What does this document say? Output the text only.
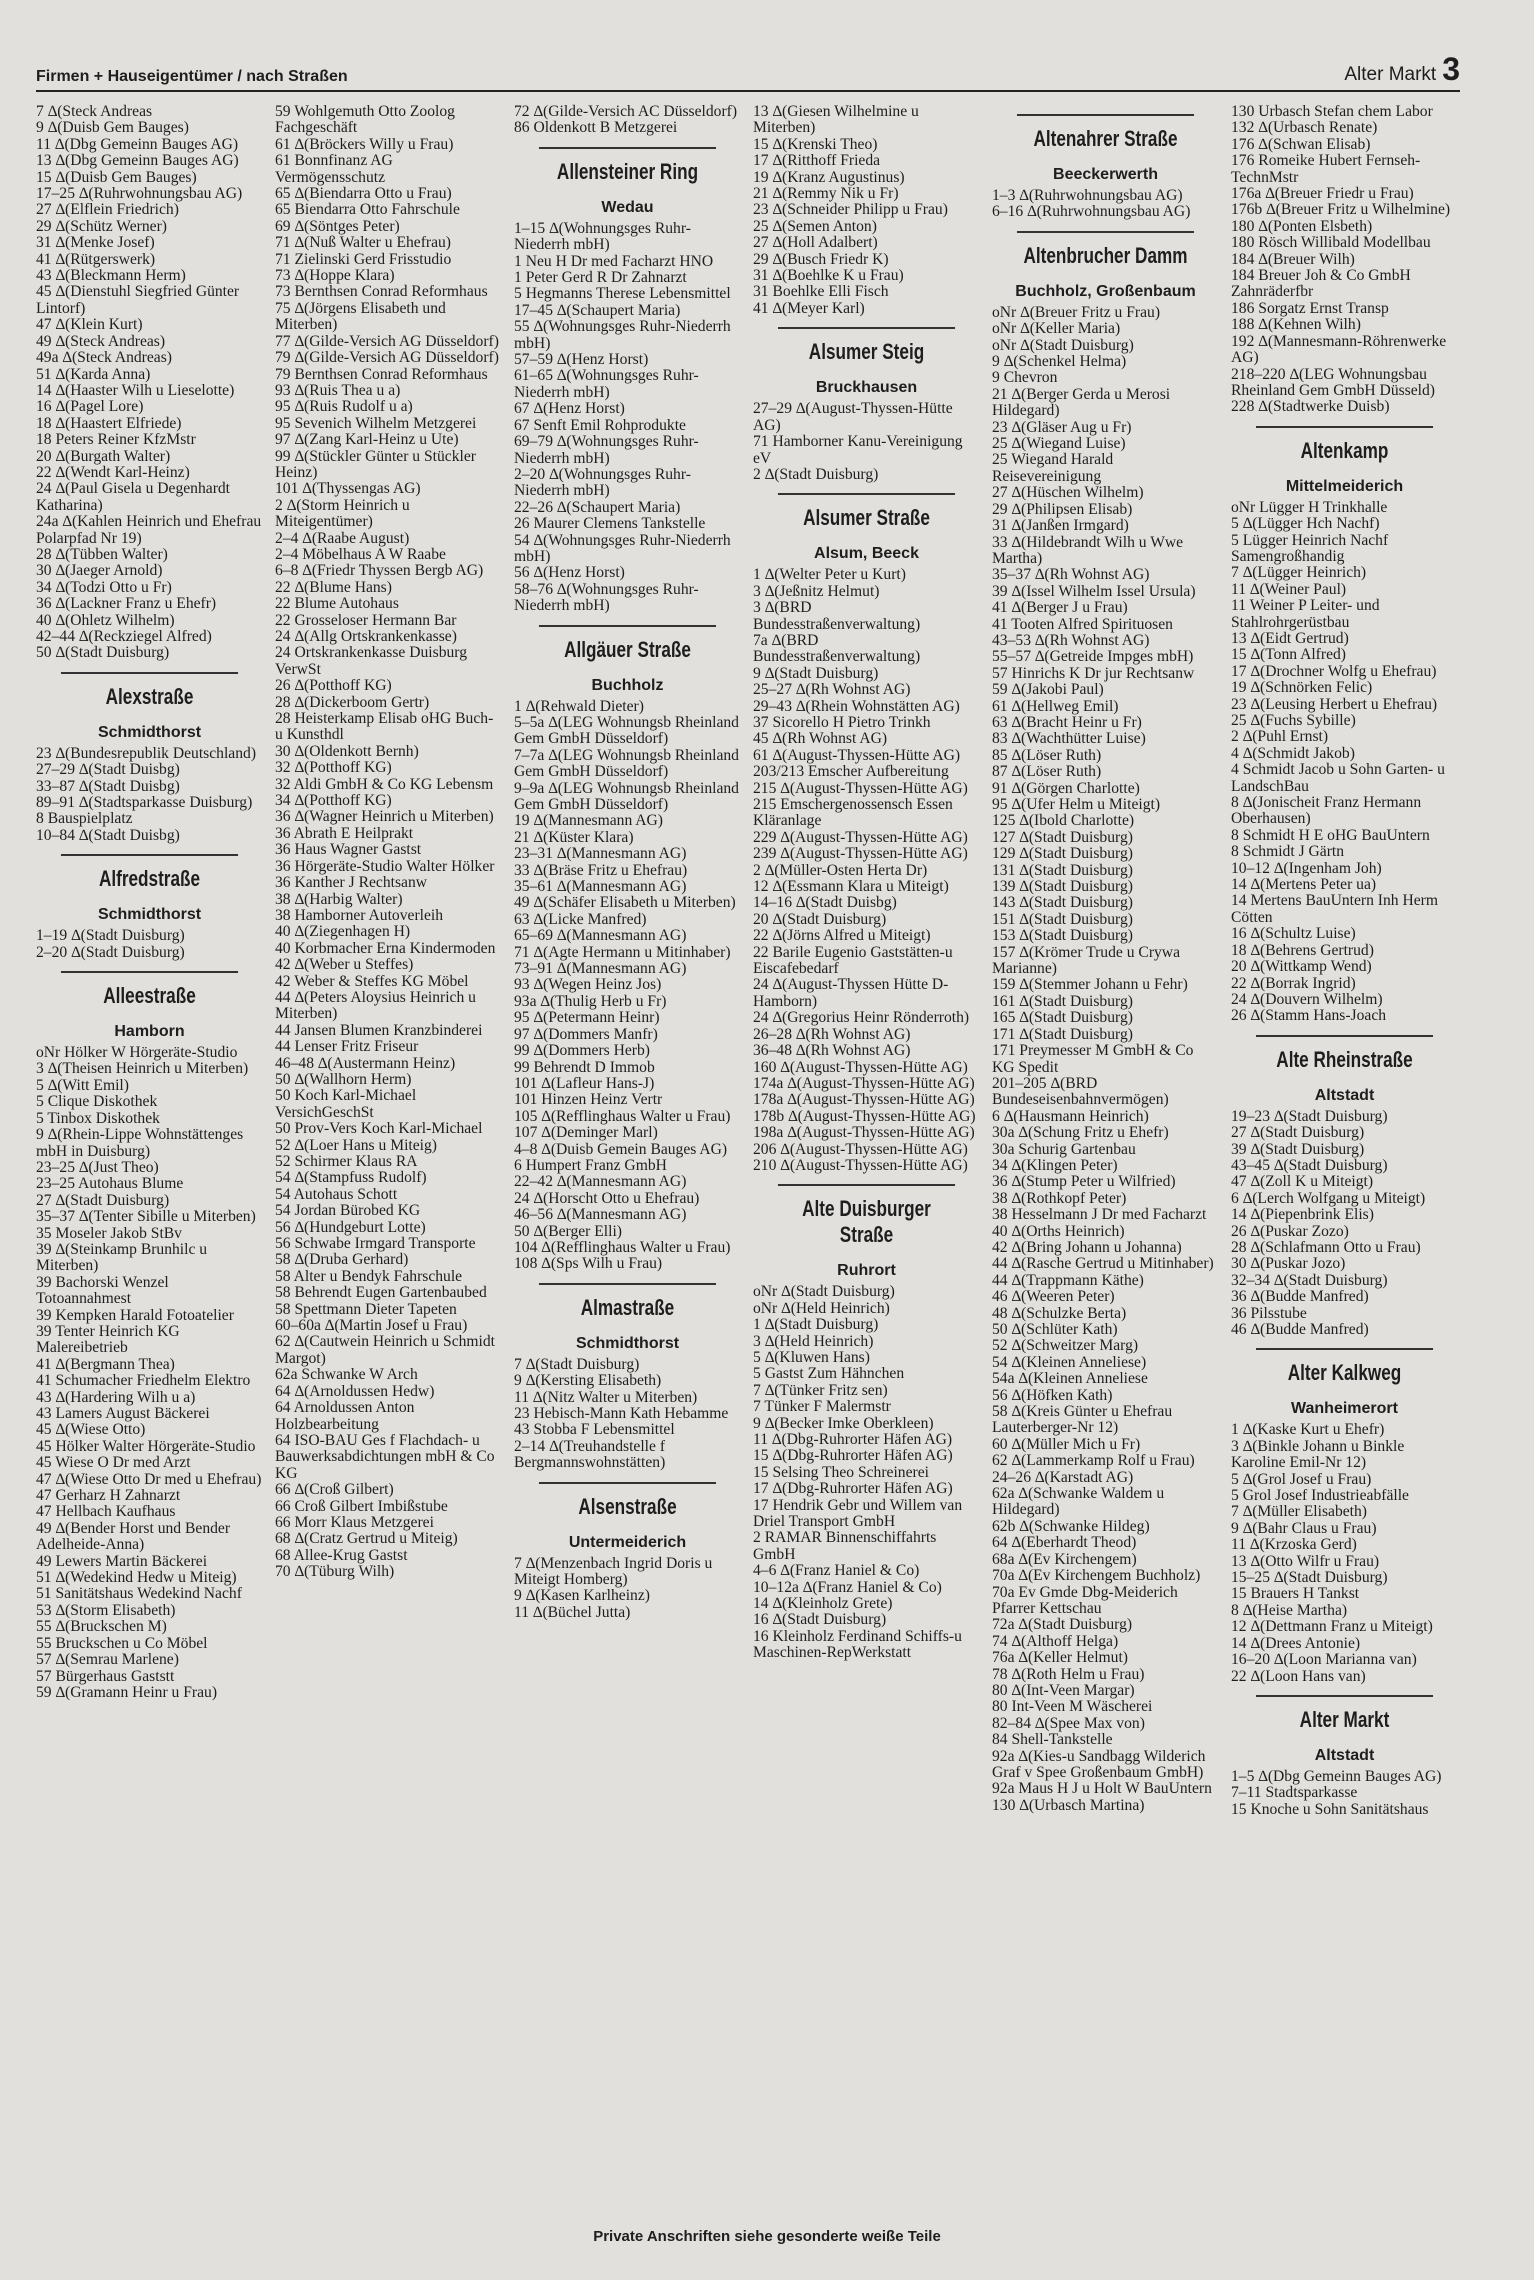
Firmen + Hauseigentümer / nach Straßen	Alter Markt 3
7 ∆(Steck Andreas
9 ∆(Duisb Gem Bauges)
11 ∆(Dbg Gemeinn Bauges AG)
13 ∆(Dbg Gemeinn Bauges AG)
15 ∆(Duisb Gem Bauges)
17–25 ∆(Ruhrwohnungsbau AG)
27 ∆(Elflein Friedrich)
29 ∆(Schütz Werner)
31 ∆(Menke Josef)
41 ∆(Rütgerswerk)
43 ∆(Bleckmann Herm)
45 ∆(Dienstuhl Siegfried Günter Lintorf)
47 ∆(Klein Kurt)
49 ∆(Steck Andreas)
49a ∆(Steck Andreas)
51 ∆(Karda Anna)
14 ∆(Haaster Wilh u Lieselotte)
16 ∆(Pagel Lore)
18 ∆(Haastert Elfriede)
18 Peters Reiner KfzMstr
20 ∆(Burgath Walter)
22 ∆(Wendt Karl-Heinz)
24 ∆(Paul Gisela u Degenhardt Katharina)
24a ∆(Kahlen Heinrich und Ehefrau Polarpfad Nr 19)
28 ∆(Tübben Walter)
30 ∆(Jaeger Arnold)
34 ∆(Todzi Otto u Fr)
36 ∆(Lackner Franz u Ehefr)
40 ∆(Ohletz Wilhelm)
42–44 ∆(Reckziegel Alfred)
50 ∆(Stadt Duisburg)
Alexstraße
Schmidthorst
23 ∆(Bundesrepublik Deutschland)
27–29 ∆(Stadt Duisbg)
33–87 ∆(Stadt Duisbg)
89–91 ∆(Stadtsparkasse Duisburg)
8 Bauspielplatz
10–84 ∆(Stadt Duisbg)
Alfredstraße
Schmidthorst
1–19 ∆(Stadt Duisburg)
2–20 ∆(Stadt Duisburg)
Alleestraße
Hamborn
oNr Hölker W Hörgeräte-Studio
3 ∆(Theisen Heinrich u Miterben)
5 ∆(Witt Emil)
5 Clique Diskothek
5 Tinbox Diskothek
9 ∆(Rhein-Lippe Wohnstättenges mbH in Duisburg)
23–25 ∆(Just Theo)
23–25 Autohaus Blume
27 ∆(Stadt Duisburg)
35–37 ∆(Tenter Sibille u Miterben)
35 Moseler Jakob StBv
39 ∆(Steinkamp Brunhilc u Miterben)
39 Bachorski Wenzel Totoannahmest
39 Kempken Harald Fotoatelier
39 Tenter Heinrich KG Malereibetrieb
41 ∆(Bergmann Thea)
41 Schumacher Friedhelm Elektro
43 ∆(Hardering Wilh u a)
43 Lamers August Bäckerei
45 ∆(Wiese Otto)
45 Hölker Walter Hörgeräte-Studio
45 Wiese O Dr med Arzt
47 ∆(Wiese Otto Dr med u Ehefrau)
47 Gerharz H Zahnarzt
47 Hellbach Kaufhaus
49 ∆(Bender Horst und Bender Adelheide-Anna)
49 Lewers Martin Bäckerei
51 ∆(Wedekind Hedw u Miteig)
51 Sanitätshaus Wedekind Nachf
53 ∆(Storm Elisabeth)
55 ∆(Bruckschen M)
55 Bruckschen u Co Möbel
57 ∆(Semrau Marlene)
57 Bürgerhaus Gaststt
59 ∆(Gramann Heinr u Frau)
59 Wohlgemuth Otto Zoolog Fachgeschäft
61 ∆(Bröckers Willy u Frau)
61 Bonnfinanz AG Vermögensschutz
65 ∆(Biendarra Otto u Frau)
65 Biendarra Otto Fahrschule
69 ∆(Söntges Peter)
71 ∆(Nuß Walter u Ehefrau)
71 Zielinski Gerd Frisstudio
73 ∆(Hoppe Klara)
73 Bernthsen Conrad Reformhaus
75 ∆(Jörgens Elisabeth und Miterben)
77 ∆(Gilde-Versich AG Düsseldorf)
79 ∆(Gilde-Versich AG Düsseldorf)
79 Bernthsen Conrad Reformhaus
93 ∆(Ruis Thea u a)
95 ∆(Ruis Rudolf u a)
95 Sevenich Wilhelm Metzgerei
97 ∆(Zang Karl-Heinz u Ute)
99 ∆(Stückler Günter u Stückler Heinz)
101 ∆(Thyssengas AG)
2 ∆(Storm Heinrich u Miteigentümer)
2–4 ∆(Raabe August)
2–4 Möbelhaus A W Raabe
6–8 ∆(Friedr Thyssen Bergb AG)
22 ∆(Blume Hans)
22 Blume Autohaus
22 Grosseloser Hermann Bar
24 ∆(Allg Ortskrankenkasse)
24 Ortskrankenkasse Duisburg VerwSt
26 ∆(Potthoff KG)
28 ∆(Dickerboom Gertr)
28 Heisterkamp Elisab oHG Buch- u Kunsthdl
30 ∆(Oldenkott Bernh)
32 ∆(Potthoff KG)
32 Aldi GmbH & Co KG Lebensm
34 ∆(Potthoff KG)
36 ∆(Wagner Heinrich u Miterben)
36 Abrath E Heilprakt
36 Haus Wagner Gastst
36 Hörgeräte-Studio Walter Hölker
36 Kanther J Rechtsanw
38 ∆(Harbig Walter)
38 Hamborner Autoverleih
40 ∆(Ziegenhagen H)
40 Korbmacher Erna Kindermoden
42 ∆(Weber u Steffes)
42 Weber & Steffes KG Möbel
44 ∆(Peters Aloysius Heinrich u Miterben)
44 Jansen Blumen Kranzbinderei
44 Lenser Fritz Friseur
46–48 ∆(Austermann Heinz)
50 ∆(Wallhorn Herm)
50 Koch Karl-Michael VersichGeschSt
50 Prov-Vers Koch Karl-Michael
52 ∆(Loer Hans u Miteig)
52 Schirmer Klaus RA
54 ∆(Stampfuss Rudolf)
54 Autohaus Schott
54 Jordan Bürobed KG
56 ∆(Hundgeburt Lotte)
56 Schwabe Irmgard Transporte
58 ∆(Druba Gerhard)
58 Alter u Bendyk Fahrschule
58 Behrendt Eugen Gartenbaubed
58 Spettmann Dieter Tapeten
60–60a ∆(Martin Josef u Frau)
62 ∆(Cautwein Heinrich u Schmidt Margot)
62a Schwanke W Arch
64 ∆(Arnoldussen Hedw)
64 Arnoldussen Anton Holzbearbeitung
64 ISO-BAU Ges f Flachdach- u Bauwerksabdichtungen mbH & Co KG
66 ∆(Croß Gilbert)
66 Croß Gilbert Imbißstube
66 Morr Klaus Metzgerei
68 ∆(Cratz Gertrud u Miteig)
68 Allee-Krug Gastst
70 ∆(Tüburg Wilh)
72 ∆(Gilde-Versich AC Düsseldorf)
86 Oldenkott B Metzgerei
Allensteiner Ring
Wedau
1–15 ∆(Wohnungsges Ruhr-Niederrh mbH)
1 Neu H Dr med Facharzt HNO
1 Peter Gerd R Dr Zahnarzt
5 Hegmanns Therese Lebensmittel
17–45 ∆(Schaupert Maria)
55 ∆(Wohnungsges Ruhr-Niederrh mbH)
57–59 ∆(Henz Horst)
61–65 ∆(Wohnungsges Ruhr-Niederrh mbH)
67 ∆(Henz Horst)
67 Senft Emil Rohprodukte
69–79 ∆(Wohnungsges Ruhr-Niederrh mbH)
2–20 ∆(Wohnungsges Ruhr-Niederrh mbH)
22–26 ∆(Schaupert Maria)
26 Maurer Clemens Tankstelle
54 ∆(Wohnungsges Ruhr-Niederrh mbH)
56 ∆(Henz Horst)
58–76 ∆(Wohnungsges Ruhr-Niederrh mbH)
Allgäuer Straße
Buchholz
1 ∆(Rehwald Dieter)
5–5a ∆(LEG Wohnungsb Rheinland Gem GmbH Düsseldorf)
7–7a ∆(LEG Wohnungsb Rheinland Gem GmbH Düsseldorf)
9–9a ∆(LEG Wohnungsb Rheinland Gem GmbH Düsseldorf)
19 ∆(Mannesmann AG)
21 ∆(Küster Klara)
23–31 ∆(Mannesmann AG)
33 ∆(Bräse Fritz u Ehefrau)
35–61 ∆(Mannesmann AG)
49 ∆(Schäfer Elisabeth u Miterben)
63 ∆(Licke Manfred)
65–69 ∆(Mannesmann AG)
71 ∆(Agte Hermann u Mitinhaber)
73–91 ∆(Mannesmann AG)
93 ∆(Wegen Heinz Jos)
93a ∆(Thulig Herb u Fr)
95 ∆(Petermann Heinr)
97 ∆(Dommers Manfr)
99 ∆(Dommers Herb)
99 Behrendt D Immob
101 ∆(Lafleur Hans-J)
101 Hinzen Heinz Vertr
105 ∆(Refflinghaus Walter u Frau)
107 ∆(Deminger Marl)
4–8 ∆(Duisb Gemein Bauges AG)
6 Humpert Franz GmbH
22–42 ∆(Mannesmann AG)
24 ∆(Horscht Otto u Ehefrau)
46–56 ∆(Mannesmann AG)
50 ∆(Berger Elli)
104 ∆(Refflinghaus Walter u Frau)
108 ∆(Sps Wilh u Frau)
Almastraße
Schmidthorst
7 ∆(Stadt Duisburg)
9 ∆(Kersting Elisabeth)
11 ∆(Nitz Walter u Miterben)
23 Hebisch-Mann Kath Hebamme
43 Stobba F Lebensmittel
2–14 ∆(Treuhandstelle f Bergmannswohnstätten)
Alsenstraße
Untermeiderich
7 ∆(Menzenbach Ingrid Doris u Miteigt Homberg)
9 ∆(Kasen Karlheinz)
11 ∆(Büchel Jutta)
13 ∆(Giesen Wilhelmine u Miterben)
15 ∆(Krenski Theo)
17 ∆(Ritthoff Frieda
19 ∆(Kranz Augustinus)
21 ∆(Remmy Nik u Fr)
23 ∆(Schneider Philipp u Frau)
25 ∆(Semen Anton)
27 ∆(Holl Adalbert)
29 ∆(Busch Friedr K)
31 ∆(Boehlke K u Frau)
31 Boehlke Elli Fisch
41 ∆(Meyer Karl)
Alsumer Steig
Bruckhausen
27–29 ∆(August-Thyssen-Hütte AG)
71 Hamborner Kanu-Vereinigung eV
2 ∆(Stadt Duisburg)
Alsumer Straße
Alsum, Beeck
1 ∆(Welter Peter u Kurt)
3 ∆(Jeßnitz Helmut)
3 ∆(BRD Bundesstraßenverwaltung)
7a ∆(BRD Bundesstraßenverwaltung)
9 ∆(Stadt Duisburg)
25–27 ∆(Rh Wohnst AG)
29–43 ∆(Rhein Wohnstätten AG)
37 Sicorello H Pietro Trinkh
45 ∆(Rh Wohnst AG)
61 ∆(August-Thyssen-Hütte AG)
203/213 Emscher Aufbereitung
215 ∆(August-Thyssen-Hütte AG)
215 Emschergenossensch Essen Kläranlage
229 ∆(August-Thyssen-Hütte AG)
239 ∆(August-Thyssen-Hütte AG)
2 ∆(Müller-Osten Herta Dr)
12 ∆(Essmann Klara u Miteigt)
14–16 ∆(Stadt Duisbg)
20 ∆(Stadt Duisburg)
22 ∆(Jörns Alfred u Miteigt)
22 Barile Eugenio Gaststätten-u Eiscafebedarf
24 ∆(August-Thyssen Hütte D-Hamborn)
24 ∆(Gregorius Heinr Rönderroth)
26–28 ∆(Rh Wohnst AG)
36–48 ∆(Rh Wohnst AG)
160 ∆(August-Thyssen-Hütte AG)
174a ∆(August-Thyssen-Hütte AG)
178a ∆(August-Thyssen-Hütte AG)
178b ∆(August-Thyssen-Hütte AG)
198a ∆(August-Thyssen-Hütte AG)
206 ∆(August-Thyssen-Hütte AG)
210 ∆(August-Thyssen-Hütte AG)
Alte Duisburger Straße
Ruhrort
oNr ∆(Stadt Duisburg)
oNr ∆(Held Heinrich)
1 ∆(Stadt Duisburg)
3 ∆(Held Heinrich)
5 ∆(Kluwen Hans)
5 Gastst Zum Hähnchen
7 ∆(Tünker Fritz sen)
7 Tünker F Malermstr
9 ∆(Becker Imke Oberkleen)
11 ∆(Dbg-Ruhrorter Häfen AG)
15 ∆(Dbg-Ruhrorter Häfen AG)
15 Selsing Theo Schreinerei
17 ∆(Dbg-Ruhrorter Häfen AG)
17 Hendrik Gebr und Willem van Driel Transport GmbH
2 RAMAR Binnenschiffahrts GmbH
4–6 ∆(Franz Haniel & Co)
10–12a ∆(Franz Haniel & Co)
14 ∆(Kleinholz Grete)
16 ∆(Stadt Duisburg)
16 Kleinholz Ferdinand Schiffs-u Maschinen-RepWerkstatt
Altenahrer Straße
Beeckerwerth
1–3 ∆(Ruhrwohnungsbau AG)
6–16 ∆(Ruhrwohnungsbau AG)
Altenbrucher Damm
Buchholz, Großenbaum
oNr ∆(Breuer Fritz u Frau)
oNr ∆(Keller Maria)
oNr ∆(Stadt Duisburg)
9 ∆(Schenkel Helma)
9 Chevron
21 ∆(Berger Gerda u Merosi Hildegard)
23 ∆(Gläser Aug u Fr)
25 ∆(Wiegand Luise)
25 Wiegand Harald Reisevereinigung
27 ∆(Hüschen Wilhelm)
29 ∆(Philipsen Elisab)
31 ∆(Janßen Irmgard)
33 ∆(Hildebrandt Wilh u Wwe Martha)
35–37 ∆(Rh Wohnst AG)
39 ∆(Issel Wilhelm Issel Ursula)
41 ∆(Berger J u Frau)
41 Tooten Alfred Spirituosen
43–53 ∆(Rh Wohnst AG)
55–57 ∆(Getreide Impges mbH)
57 Hinrichs K Dr jur Rechtsanw
59 ∆(Jakobi Paul)
61 ∆(Hellweg Emil)
63 ∆(Bracht Heinr u Fr)
83 ∆(Wachthütter Luise)
85 ∆(Löser Ruth)
87 ∆(Löser Ruth)
91 ∆(Görgen Charlotte)
95 ∆(Ufer Helm u Miteigt)
125 ∆(Ibold Charlotte)
127 ∆(Stadt Duisburg)
129 ∆(Stadt Duisburg)
131 ∆(Stadt Duisburg)
139 ∆(Stadt Duisburg)
143 ∆(Stadt Duisburg)
151 ∆(Stadt Duisburg)
153 ∆(Stadt Duisburg)
157 ∆(Krömer Trude u Crywa Marianne)
159 ∆(Stemmer Johann u Fehr)
161 ∆(Stadt Duisburg)
165 ∆(Stadt Duisburg)
171 ∆(Stadt Duisburg)
171 Preymesser M GmbH & Co KG Spedit
201–205 ∆(BRD Bundeseisenbahnvermögen)
6 ∆(Hausmann Heinrich)
30a ∆(Schung Fritz u Ehefr)
30a Schurig Gartenbau
34 ∆(Klingen Peter)
36 ∆(Stump Peter u Wilfried)
38 ∆(Rothkopf Peter)
38 Hesselmann J Dr med Facharzt
40 ∆(Orths Heinrich)
42 ∆(Bring Johann u Johanna)
44 ∆(Rasche Gertrud u Mitinhaber)
44 ∆(Trappmann Käthe)
46 ∆(Weeren Peter)
48 ∆(Schulzke Berta)
50 ∆(Schlüter Kath)
52 ∆(Schweitzer Marg)
54 ∆(Kleinen Anneliese)
54a ∆(Kleinen Anneliese
56 ∆(Höfken Kath)
58 ∆(Kreis Günter u Ehefrau Lauterberger-Nr 12)
60 ∆(Müller Mich u Fr)
62 ∆(Lammerkamp Rolf u Frau)
24–26 ∆(Karstadt AG)
62a ∆(Schwanke Waldem u Hildegard)
62b ∆(Schwanke Hildeg)
64 ∆(Eberhardt Theod)
68a ∆(Ev Kirchengem)
70a ∆(Ev Kirchengem Buchholz)
70a Ev Gmde Dbg-Meiderich Pfarrer Kettschau
72a ∆(Stadt Duisburg)
74 ∆(Althoff Helga)
76a ∆(Keller Helmut)
78 ∆(Roth Helm u Frau)
80 ∆(Int-Veen Margar)
80 Int-Veen M Wäscherei
82–84 ∆(Spee Max von)
84 Shell-Tankstelle
92a ∆(Kies-u Sandbagg Wilderich Graf v Spee Großenbaum GmbH)
92a Maus H J u Holt W BauUntern
130 ∆(Urbasch Martina)
130 Urbasch Stefan chem Labor
132 ∆(Urbasch Renate)
176 ∆(Schwan Elisab)
176 Romeike Hubert Fernseh-TechnMstr
176a ∆(Breuer Friedr u Frau)
176b ∆(Breuer Fritz u Wilhelmine)
180 ∆(Ponten Elsbeth)
180 Rösch Willibald Modellbau
184 ∆(Breuer Wilh)
184 Breuer Joh & Co GmbH Zahnräderfbr
186 Sorgatz Ernst Transp
188 ∆(Kehnen Wilh)
192 ∆(Mannesmann-Röhrenwerke AG)
218–220 ∆(LEG Wohnungsbau Rheinland Gem GmbH Düsseld)
228 ∆(Stadtwerke Duisb)
Altenkamp
Mittelmeiderich
oNr Lügger H Trinkhalle
5 ∆(Lügger Hch Nachf)
5 Lügger Heinrich Nachf Samengroßhandig
7 ∆(Lügger Heinrich)
11 ∆(Weiner Paul)
11 Weiner P Leiter- und Stahlrohrgerüstbau
13 ∆(Eidt Gertrud)
15 ∆(Tonn Alfred)
17 ∆(Drochner Wolfg u Ehefrau)
19 ∆(Schnörken Felic)
23 ∆(Leusing Herbert u Ehefrau)
25 ∆(Fuchs Sybille)
2 ∆(Puhl Ernst)
4 ∆(Schmidt Jakob)
4 Schmidt Jacob u Sohn Garten- u LandschBau
8 ∆(Jonischeit Franz Hermann Oberhausen)
8 Schmidt H E oHG BauUntern
8 Schmidt J Gärtn
10–12 ∆(Ingenham Joh)
14 ∆(Mertens Peter ua)
14 Mertens BauUntern Inh Herm Cötten
16 ∆(Schultz Luise)
18 ∆(Behrens Gertrud)
20 ∆(Wittkamp Wend)
22 ∆(Borrak Ingrid)
24 ∆(Douvern Wilhelm)
26 ∆(Stamm Hans-Joach
Alte Rheinstraße
Altstadt
19–23 ∆(Stadt Duisburg)
27 ∆(Stadt Duisburg)
39 ∆(Stadt Duisburg)
43–45 ∆(Stadt Duisburg)
47 ∆(Zoll K u Miteigt)
6 ∆(Lerch Wolfgang u Miteigt)
14 ∆(Piepenbrink Elis)
26 ∆(Puskar Zozo)
28 ∆(Schlafmann Otto u Frau)
30 ∆(Puskar Jozo)
32–34 ∆(Stadt Duisburg)
36 ∆(Budde Manfred)
36 Pilsstube
46 ∆(Budde Manfred)
Alter Kalkweg
Wanheimerort
1 ∆(Kaske Kurt u Ehefr)
3 ∆(Binkle Johann u Binkle Karoline Emil-Nr 12)
5 ∆(Grol Josef u Frau)
5 Grol Josef Industrieabfälle
7 ∆(Müller Elisabeth)
9 ∆(Bahr Claus u Frau)
11 ∆(Krzoska Gerd)
13 ∆(Otto Wilfr u Frau)
15–25 ∆(Stadt Duisburg)
15 Brauers H Tankst
8 ∆(Heise Martha)
12 ∆(Dettmann Franz u Miteigt)
14 ∆(Drees Antonie)
16–20 ∆(Loon Marianna van)
22 ∆(Loon Hans van)
Alter Markt
Altstadt
1–5 ∆(Dbg Gemeinn Bauges AG)
7–11 Stadtsparkasse
15 Knoche u Sohn Sanitätshaus
Private Anschriften siehe gesonderte weiße Teile
